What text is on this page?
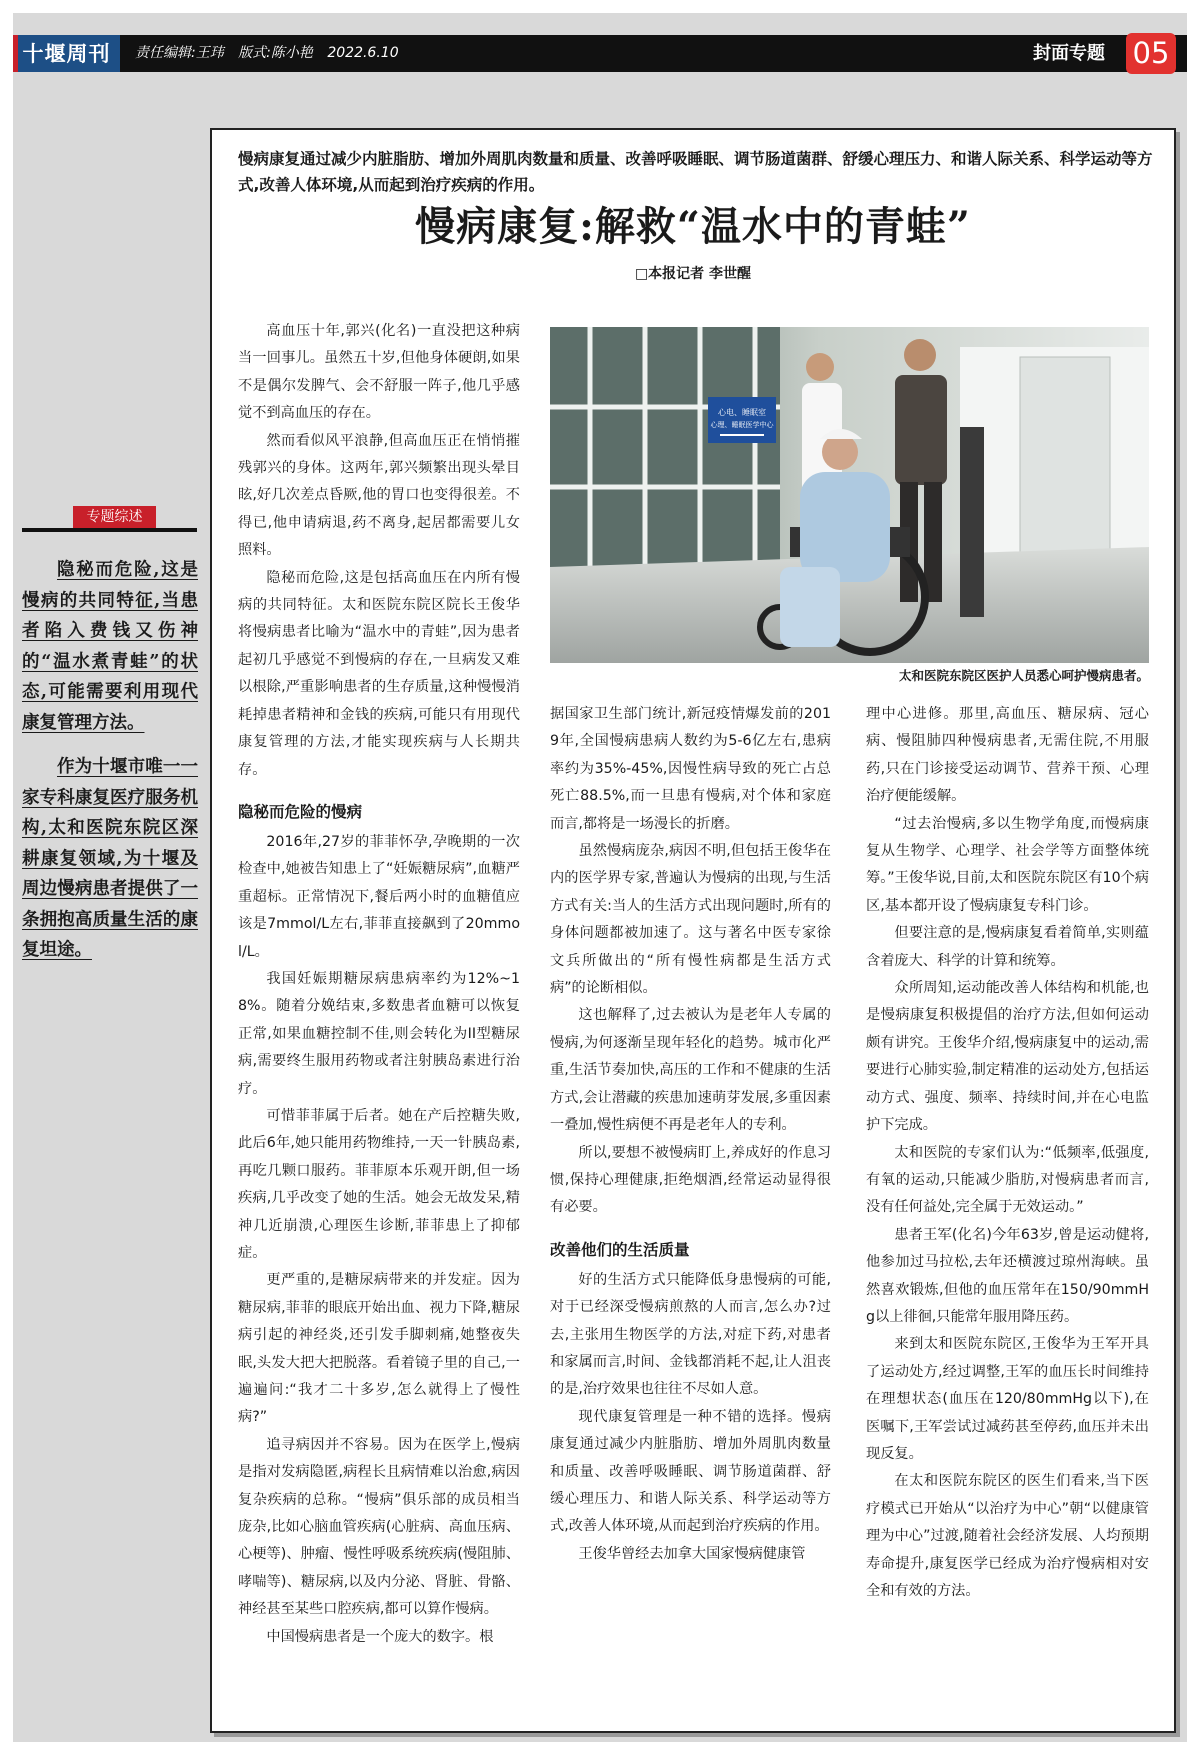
十堰周刊	责任编辑:王玮 版式:陈小艳 2022.6.10	封面专题 05
专题综述

隐秘而危险,这是慢病的共同特征,当患者陷入费钱又伤神的“温水煮青蛙”的状态,可能需要利用现代康复管理方法。

作为十堰市唯一一家专科康复医疗服务机构,太和医院东院区深耕康复领域,为十堰及周边慢病患者提供了一条拥抱高质量生活的康复坦途。

慢病康复通过减少内脏脂肪、增加外周肌肉数量和质量、改善呼吸睡眠、调节肠道菌群、舒缓心理压力、和谐人际关系、科学运动等方式,改善人体环境,从而起到治疗疾病的作用。
慢病康复:解救“温水中的青蛙”
□本报记者 李世醒

高血压十年,郭兴(化名)一直没把这种病当一回事儿。虽然五十岁,但他身体硬朗,如果不是偶尔发脾气、会不舒服一阵子,他几乎感觉不到高血压的存在。

然而看似风平浪静,但高血压正在悄悄摧残郭兴的身体。这两年,郭兴频繁出现头晕目眩,好几次差点昏厥,他的胃口也变得很差。不得已,他申请病退,药不离身,起居都需要儿女照料。

隐秘而危险,这是包括高血压在内所有慢病的共同特征。太和医院东院区院长王俊华将慢病患者比喻为“温水中的青蛙”,因为患者起初几乎感觉不到慢病的存在,一旦病发又难以根除,严重影响患者的生存质量,这种慢慢消耗掉患者精神和金钱的疾病,可能只有用现代康复管理的方法,才能实现疾病与人长期共存。

隐秘而危险的慢病

2016年,27岁的菲菲怀孕,孕晚期的一次检查中,她被告知患上了“妊娠糖尿病”,血糖严重超标。正常情况下,餐后两小时的血糖值应该是7mmol/L左右,菲菲直接飙到了20mmol/L。

我国妊娠期糖尿病患病率约为12%~18%。随着分娩结束,多数患者血糖可以恢复正常,如果血糖控制不佳,则会转化为II型糖尿病,需要终生服用药物或者注射胰岛素进行治疗。

可惜菲菲属于后者。她在产后控糖失败,此后6年,她只能用药物维持,一天一针胰岛素,再吃几颗口服药。菲菲原本乐观开朗,但一场疾病,几乎改变了她的生活。她会无故发呆,精神几近崩溃,心理医生诊断,菲菲患上了抑郁症。

更严重的,是糖尿病带来的并发症。因为糖尿病,菲菲的眼底开始出血、视力下降,糖尿病引起的神经炎,还引发手脚刺痛,她整夜失眠,头发大把大把脱落。看着镜子里的自己,一遍遍问:“我才二十多岁,怎么就得上了慢性病?”

追寻病因并不容易。因为在医学上,慢病是指对发病隐匿,病程长且病情难以治愈,病因复杂疾病的总称。“慢病”俱乐部的成员相当庞杂,比如心脑血管疾病(心脏病、高血压病、心梗等)、肿瘤、慢性呼吸系统疾病(慢阻肺、哮喘等)、糖尿病,以及内分泌、肾脏、骨骼、神经甚至某些口腔疾病,都可以算作慢病。

中国慢病患者是一个庞大的数字。根

心电、睡眠室
心理、睡眠医学中心
太和医院东院区医护人员悉心呵护慢病患者。

据国家卫生部门统计,新冠疫情爆发前的2019年,全国慢病患病人数约为5-6亿左右,患病率约为35%-45%,因慢性病导致的死亡占总死亡88.5%,而一旦患有慢病,对个体和家庭而言,都将是一场漫长的折磨。

虽然慢病庞杂,病因不明,但包括王俊华在内的医学界专家,普遍认为慢病的出现,与生活方式有关:当人的生活方式出现问题时,所有的身体问题都被加速了。这与著名中医专家徐文兵所做出的“所有慢性病都是生活方式病”的论断相似。

这也解释了,过去被认为是老年人专属的慢病,为何逐渐呈现年轻化的趋势。城市化严重,生活节奏加快,高压的工作和不健康的生活方式,会让潜藏的疾患加速萌芽发展,多重因素一叠加,慢性病便不再是老年人的专利。

所以,要想不被慢病盯上,养成好的作息习惯,保持心理健康,拒绝烟酒,经常运动显得很有必要。

改善他们的生活质量

好的生活方式只能降低身患慢病的可能,对于已经深受慢病煎熬的人而言,怎么办?过去,主张用生物医学的方法,对症下药,对患者和家属而言,时间、金钱都消耗不起,让人沮丧的是,治疗效果也往往不尽如人意。

现代康复管理是一种不错的选择。慢病康复通过减少内脏脂肪、增加外周肌肉数量和质量、改善呼吸睡眠、调节肠道菌群、舒缓心理压力、和谐人际关系、科学运动等方式,改善人体环境,从而起到治疗疾病的作用。

王俊华曾经去加拿大国家慢病健康管

理中心进修。那里,高血压、糖尿病、冠心病、慢阻肺四种慢病患者,无需住院,不用服药,只在门诊接受运动调节、营养干预、心理治疗便能缓解。

“过去治慢病,多以生物学角度,而慢病康复从生物学、心理学、社会学等方面整体统筹。”王俊华说,目前,太和医院东院区有10个病区,基本都开设了慢病康复专科门诊。

但要注意的是,慢病康复看着简单,实则蕴含着庞大、科学的计算和统筹。

众所周知,运动能改善人体结构和机能,也是慢病康复积极提倡的治疗方法,但如何运动颇有讲究。王俊华介绍,慢病康复中的运动,需要进行心肺实验,制定精准的运动处方,包括运动方式、强度、频率、持续时间,并在心电监护下完成。

太和医院的专家们认为:“低频率,低强度,有氧的运动,只能减少脂肪,对慢病患者而言,没有任何益处,完全属于无效运动。”

患者王军(化名)今年63岁,曾是运动健将,他参加过马拉松,去年还横渡过琼州海峡。虽然喜欢锻炼,但他的血压常年在150/90mmHg以上徘徊,只能常年服用降压药。

来到太和医院东院区,王俊华为王军开具了运动处方,经过调整,王军的血压长时间维持在理想状态(血压在120/80mmHg以下),在医嘱下,王军尝试过减药甚至停药,血压并未出现反复。

在太和医院东院区的医生们看来,当下医疗模式已开始从“以治疗为中心”朝“以健康管理为中心”过渡,随着社会经济发展、人均预期寿命提升,康复医学已经成为治疗慢病相对安全和有效的方法。
